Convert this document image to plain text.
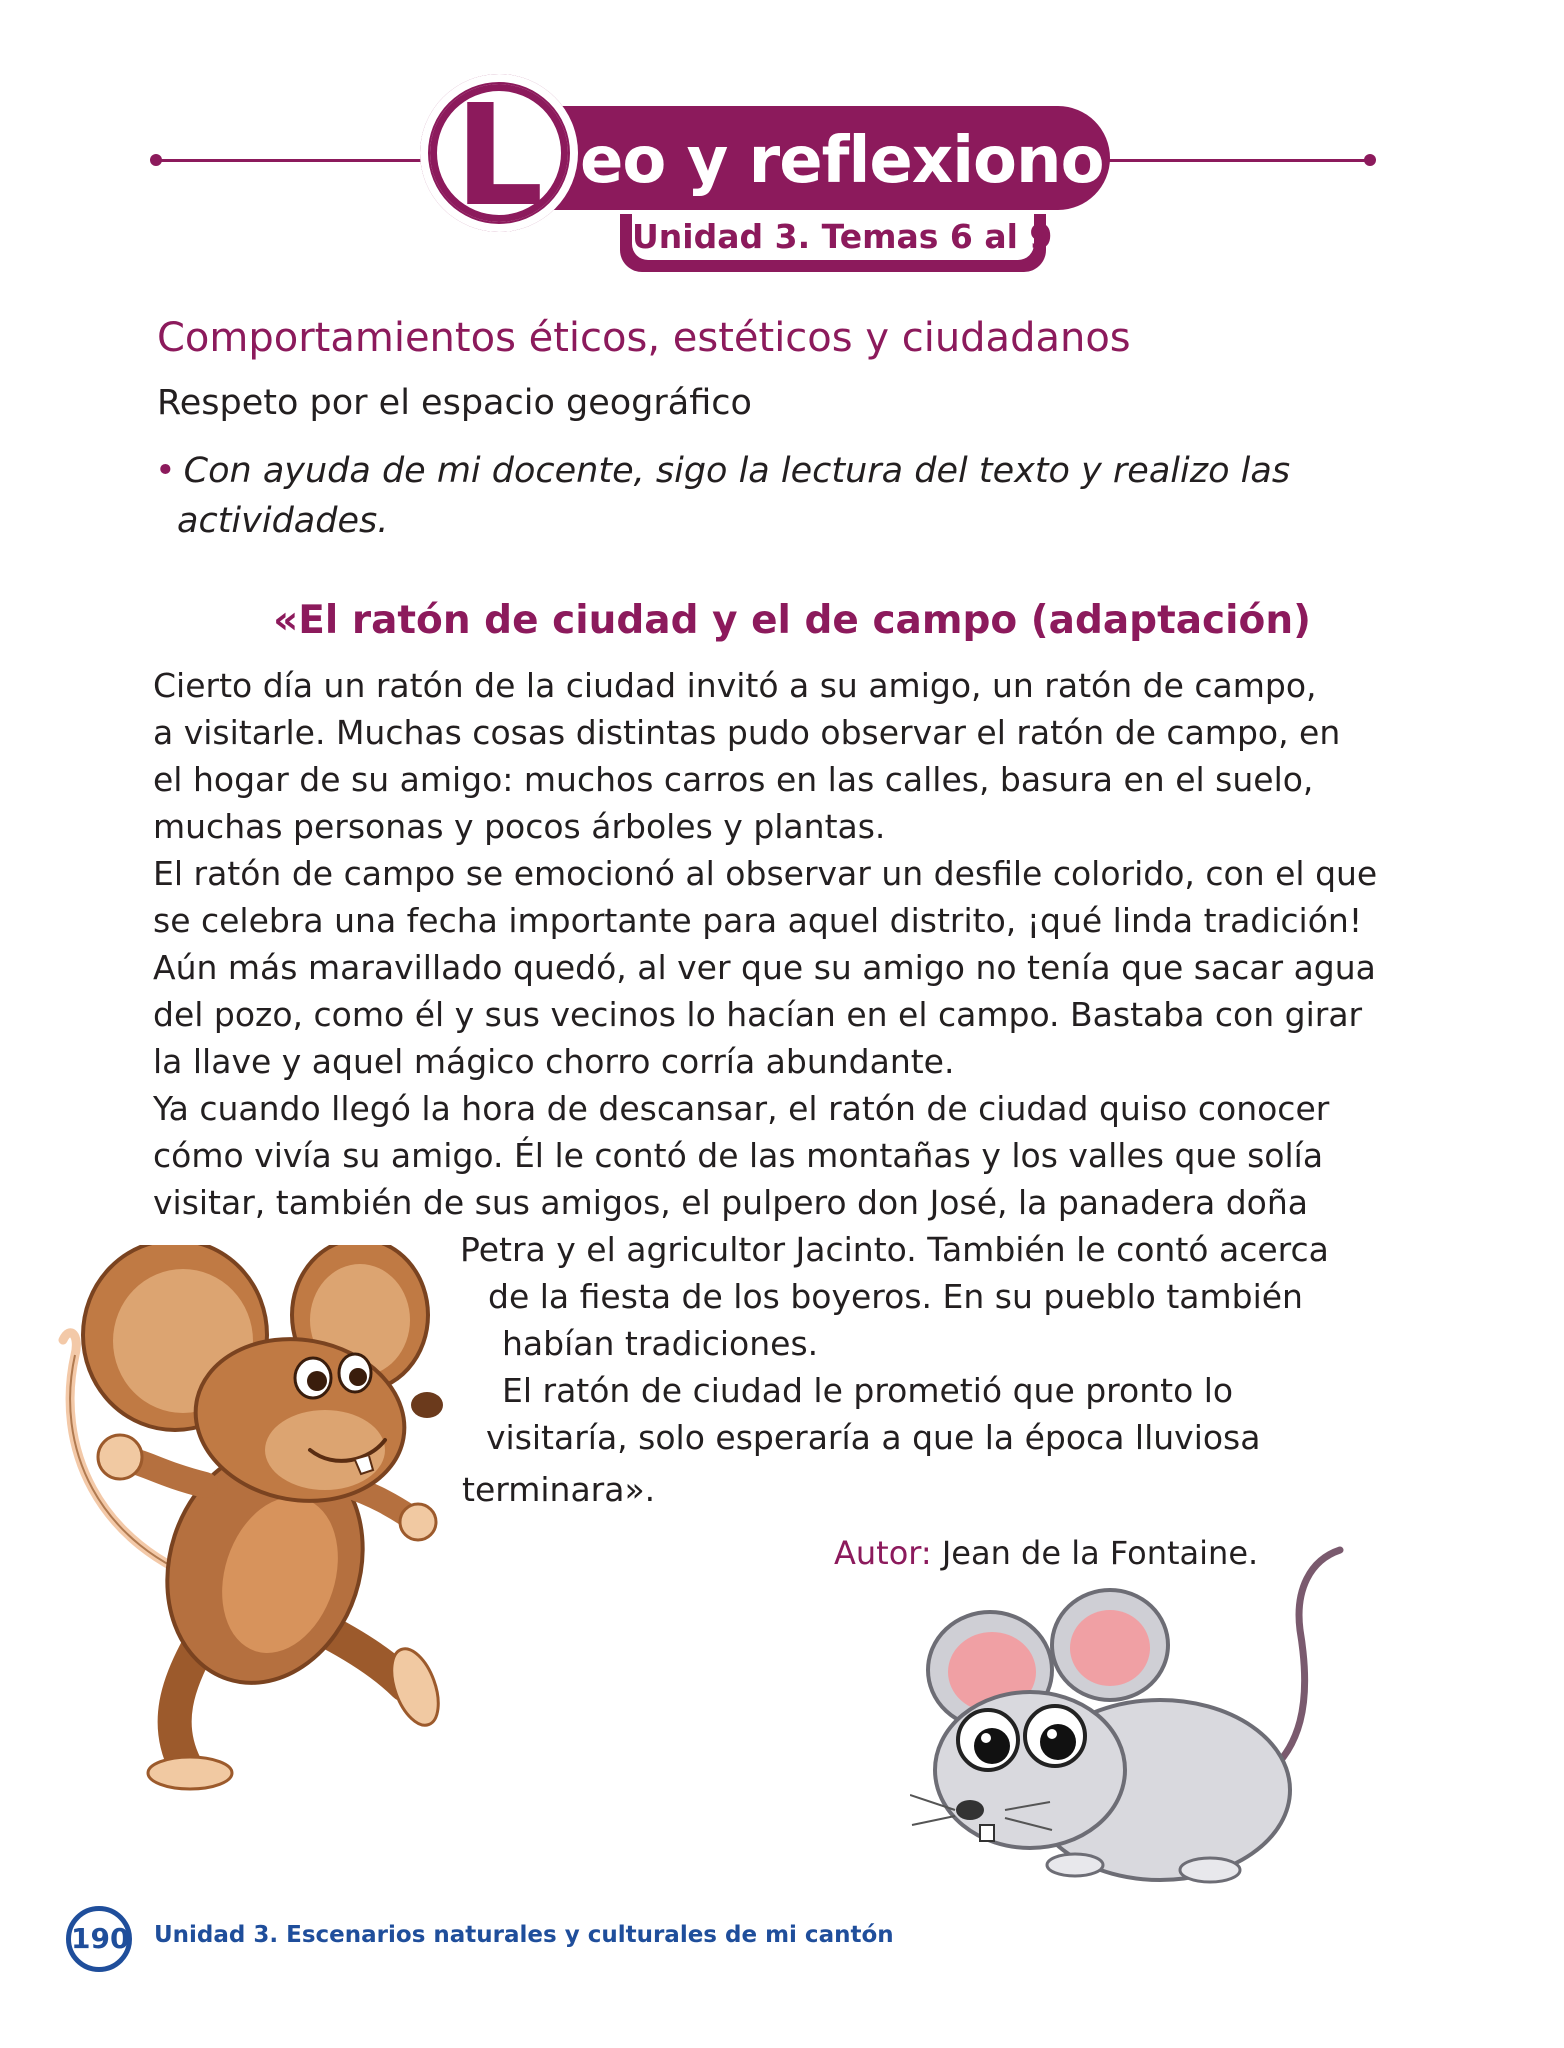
Unidad 3. Temas 6 al 9
L eo y reflexiono
Comportamientos éticos, estéticos y ciudadanos
Respeto por el espacio geográfico
• Con ayuda de mi docente, sigo la lectura del texto y realizo las
actividades.
«El ratón de ciudad y el de campo (adaptación)
Cierto día un ratón de la ciudad invitó a su amigo, un ratón de campo,
a visitarle. Muchas cosas distintas pudo observar el ratón de campo, en
el hogar de su amigo: muchos carros en las calles, basura en el suelo,
muchas personas y pocos árboles y plantas.
El ratón de campo se emocionó al observar un desfile colorido, con el que
se celebra una fecha importante para aquel distrito, ¡qué linda tradición!
Aún más maravillado quedó, al ver que su amigo no tenía que sacar agua
del pozo, como él y sus vecinos lo hacían en el campo. Bastaba con girar
la llave y aquel mágico chorro corría abundante.
Ya cuando llegó la hora de descansar, el ratón de ciudad quiso conocer
cómo vivía su amigo. Él le contó de las montañas y los valles que solía
visitar, también de sus amigos, el pulpero don José, la panadera doña
Petra y el agricultor Jacinto. También le contó acerca
de la fiesta de los boyeros. En su pueblo también
habían tradiciones.
El ratón de ciudad le prometió que pronto lo
visitaría, solo esperaría a que la época lluviosa
terminara».
Autor: Jean de la Fontaine.
190 Unidad 3. Escenarios naturales y culturales de mi cantón
